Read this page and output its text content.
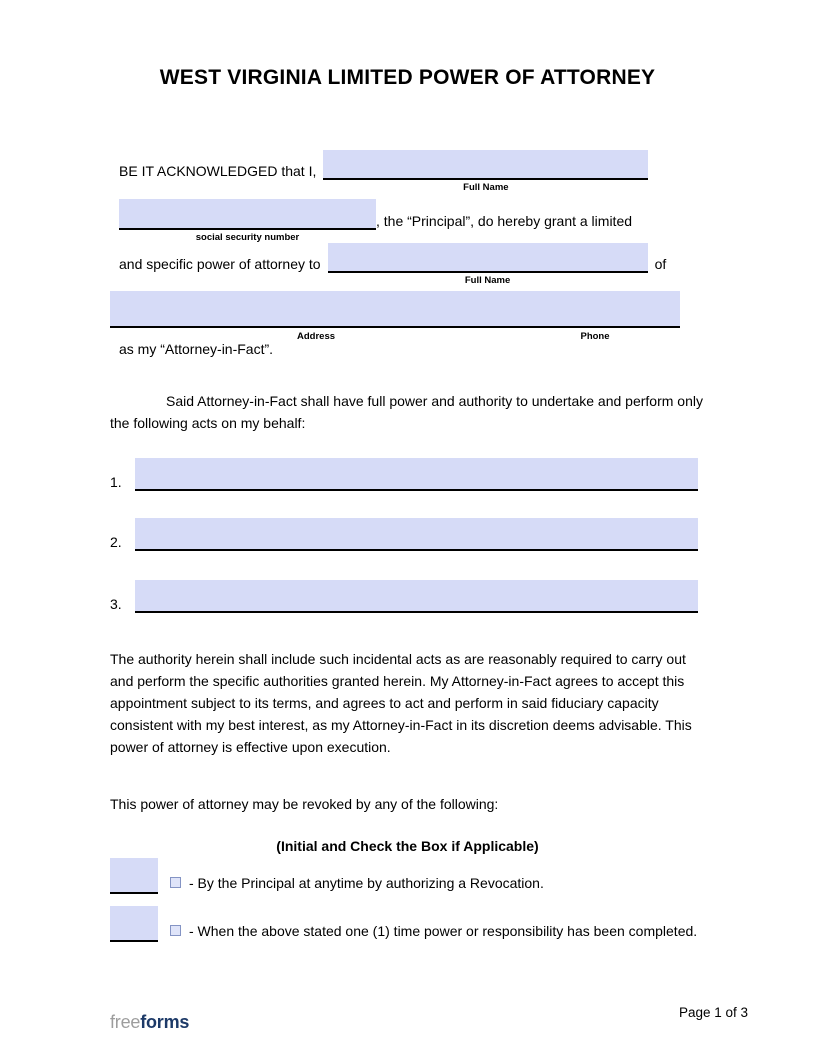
WEST VIRGINIA LIMITED POWER OF ATTORNEY
BE IT ACKNOWLEDGED that I,
Full Name
social security number
, the “Principal”, do hereby grant a limited
and specific power of attorney to
Full Name
of
Address	Phone
as my “Attorney-in-Fact”.
Said Attorney-in-Fact shall have full power and authority to undertake and perform only the following acts on my behalf:
1.
2.
3.
The authority herein shall include such incidental acts as are reasonably required to carry out and perform the specific authorities granted herein. My Attorney-in-Fact agrees to accept this appointment subject to its terms, and agrees to act and perform in said fiduciary capacity consistent with my best interest, as my Attorney-in-Fact in its discretion deems advisable. This power of attorney is effective upon execution.
This power of attorney may be revoked by any of the following:
(Initial and Check the Box if Applicable)
- By the Principal at anytime by authorizing a Revocation.
- When the above stated one (1) time power or responsibility has been completed.
freeforms	Page 1 of 3
